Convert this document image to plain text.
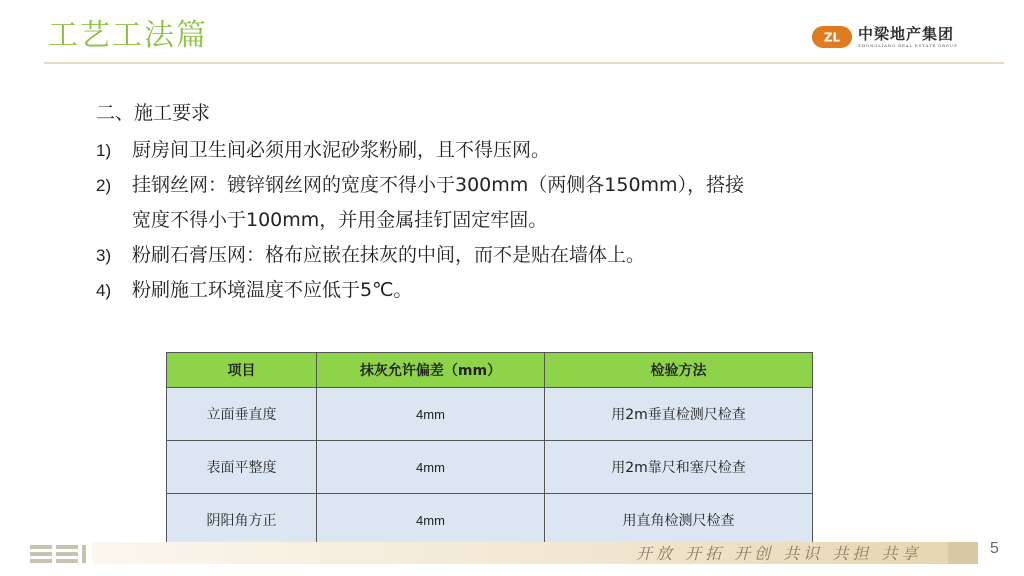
工艺工法篇	ZL 中梁地产集团
ZHONGLIANG REAL ESTATE GROUP
二、施工要求
1)	厨房间卫生间必须用水泥砂浆粉刷，且不得压网。
2)	挂钢丝网：镀锌钢丝网的宽度不得小于300mm（两侧各150mm），搭接
宽度不得小于100mm，并用金属挂钉固定牢固。
3)	粉刷石膏压网：格布应嵌在抹灰的中间，而不是贴在墙体上。
4)	粉刷施工环境温度不应低于5℃。
项目	抹灰允许偏差（mm）	检验方法
立面垂直度	4mm	用2m垂直检测尺检查
表面平整度	4mm	用2m靠尺和塞尺检查
阴阳角方正	4mm	用直角检测尺检查
开放 开拓 开创 共识 共担 共享	5
